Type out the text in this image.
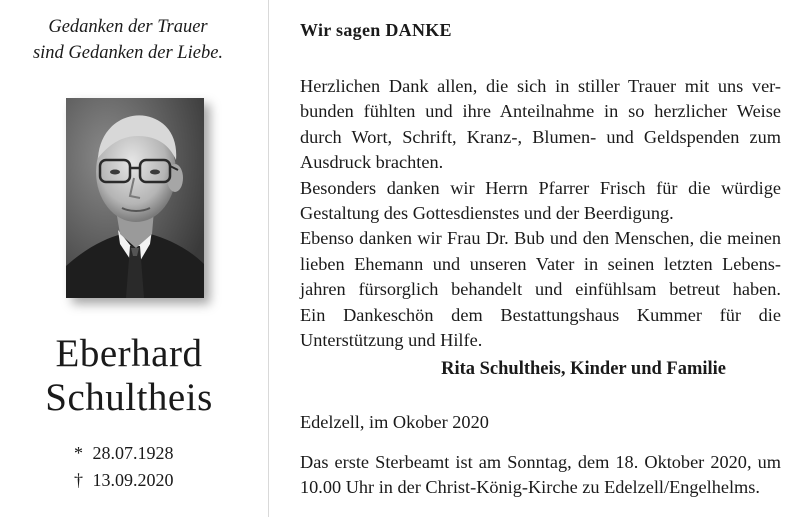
Gedanken der Trauer
sind Gedanken der Liebe.
Eberhard
Schultheis
* 28.07.1928
† 13.09.2020
Wir sagen DANKE
Herzlichen Dank allen, die sich in stiller Trauer mit uns ver-
bunden fühlten und ihre Anteilnahme in so herzlicher Weise
durch Wort, Schrift, Kranz-, Blumen- und Geldspenden zum
Ausdruck brachten.
Besonders danken wir Herrn Pfarrer Frisch für die würdige
Gestaltung des Gottesdienstes und der Beerdigung.
Ebenso danken wir Frau Dr. Bub und den Menschen, die meinen
lieben Ehemann und unseren Vater in seinen letzten Lebens-
jahren fürsorglich behandelt und einfühlsam betreut haben.
Ein Dankeschön dem Bestattungshaus Kummer für die
Unterstützung und Hilfe.
Rita Schultheis, Kinder und Familie
Edelzell, im Okober 2020
Das erste Sterbeamt ist am Sonntag, dem 18. Oktober 2020, um
10.00 Uhr in der Christ-König-Kirche zu Edelzell/Engelhelms.
